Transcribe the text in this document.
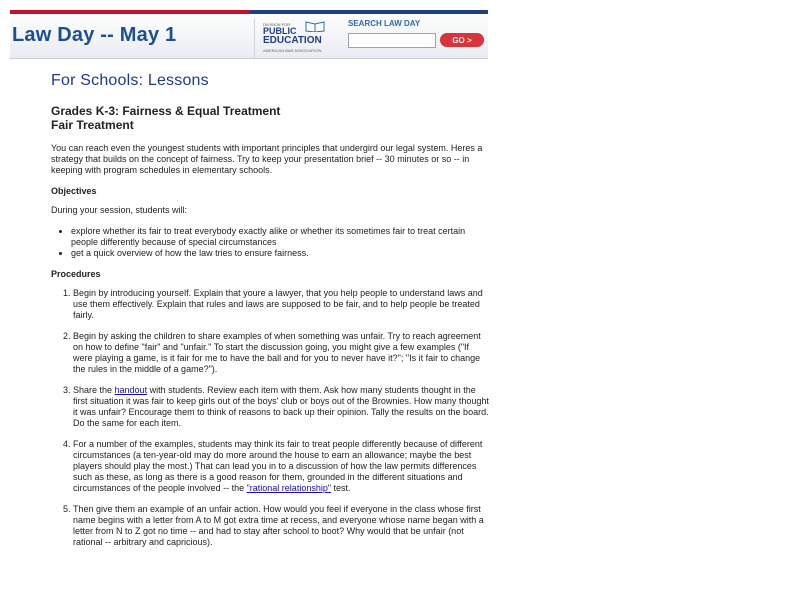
Law Day -- May 1	DIVISION FOR
PUBLIC
EDUCATION
AMERICAN BAR ASSOCIATION
SEARCH LAW DAY
GO >
For Schools: Lessons
Grades K-3: Fairness & Equal Treatment
Fair Treatment

You can reach even the youngest students with important principles that undergird our legal system. Heres a strategy that builds on the concept of fairness. Try to keep your presentation brief -- 30 minutes or so -- in keeping with program schedules in elementary schools.

Objectives

During your session, students will:

• explore whether its fair to treat everybody exactly alike or whether its sometimes fair to treat certain people differently because of special circumstances
• get a quick overview of how the law tries to ensure fairness.
Procedures
1. Begin by introducing yourself. Explain that youre a lawyer, that you help people to understand laws and use them effectively. Explain that rules and laws are supposed to be fair, and to help people be treated fairly.
2. Begin by asking the children to share examples of when something was unfair. Try to reach agreement on how to define "fair" and "unfair." To start the discussion going, you might give a few examples ("If were playing a game, is it fair for me to have the ball and for you to never have it?"; "Is it fair to change the rules in the middle of a game?").
3. Share the handout with students. Review each item with them. Ask how many students thought in the first situation it was fair to keep girls out of the boys' club or boys out of the Brownies. How many thought it was unfair? Encourage them to think of reasons to back up their opinion. Tally the results on the board. Do the same for each item.
4. For a number of the examples, students may think its fair to treat people differently because of different circumstances (a ten-year-old may do more around the house to earn an allowance; maybe the best players should play the most.) That can lead you in to a discussion of how the law permits differences such as these, as long as there is a good reason for them, grounded in the different situations and circumstances of the people involved -- the "rational relationship" test.
5. Then give them an example of an unfair action. How would you feel if everyone in the class whose first name begins with a letter from A to M got extra time at recess, and everyone whose name began with a letter from N to Z got no time -- and had to stay after school to boot? Why would that be unfair (not rational -- arbitrary and capricious).
